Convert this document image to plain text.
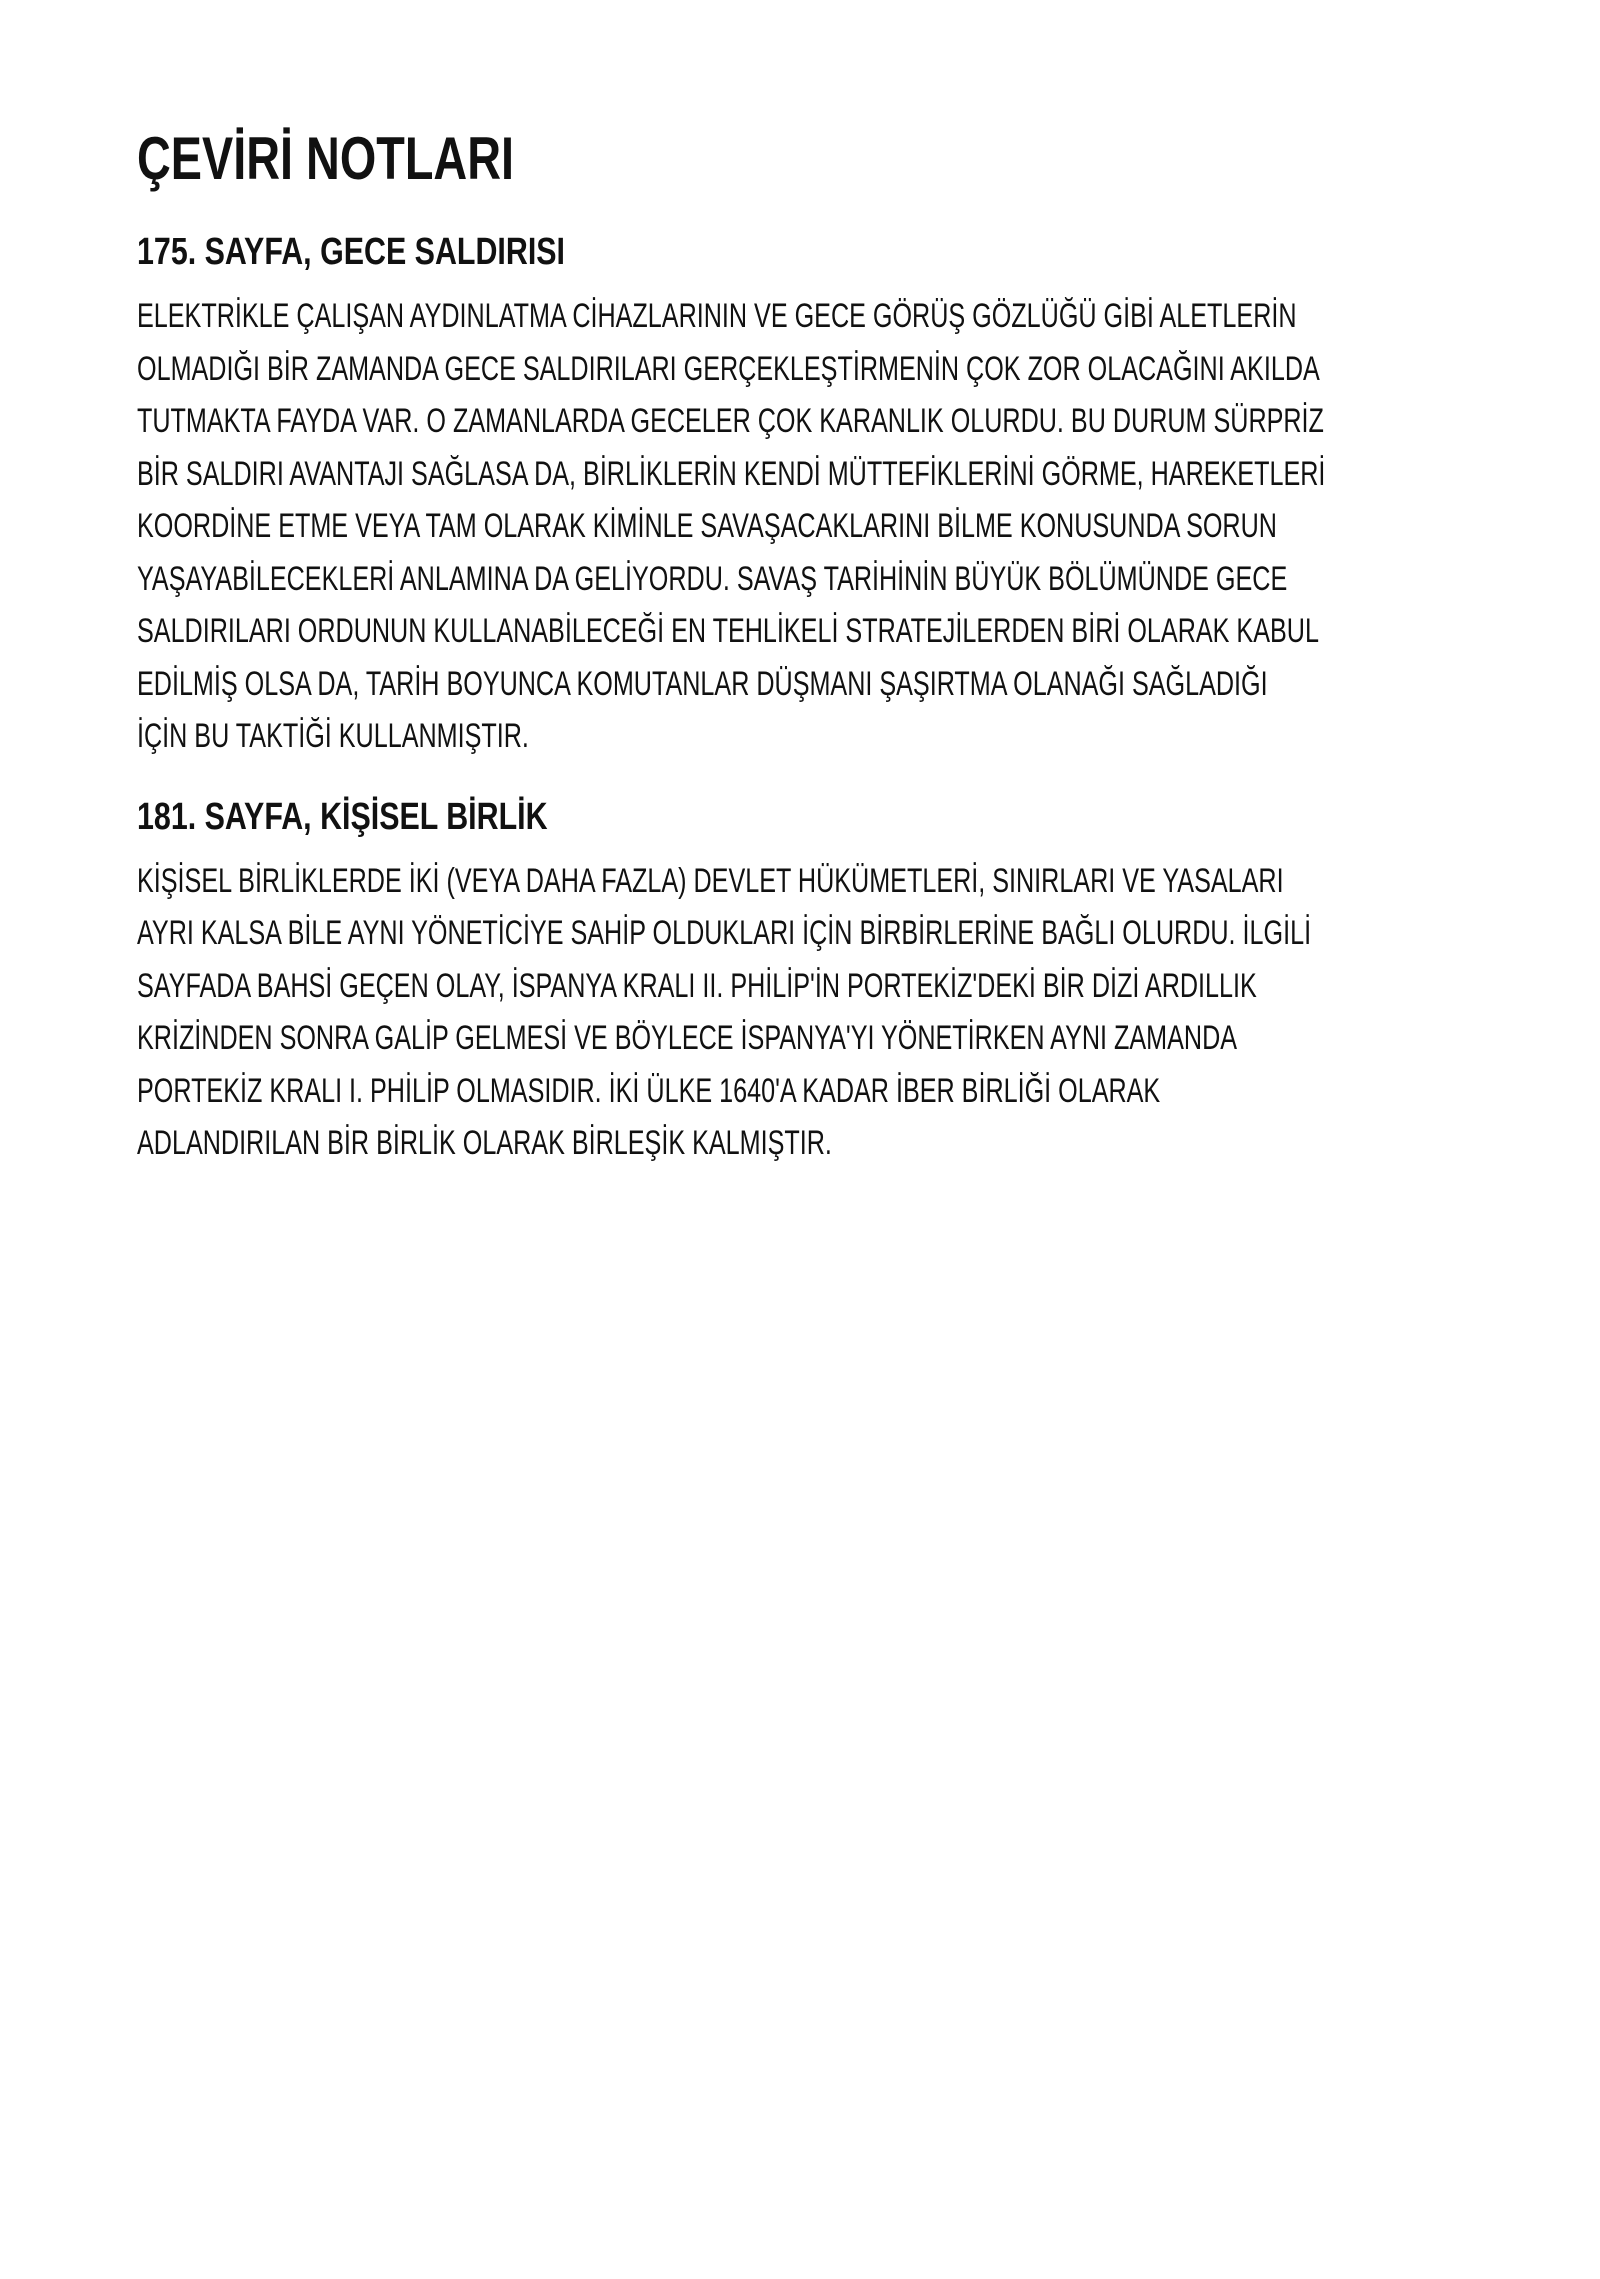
ÇEVİRİ NOTLARI
175. SAYFA, GECE SALDIRISI

ELEKTRİKLE ÇALIŞAN AYDINLATMA CİHAZLARININ VE GECE GÖRÜŞ GÖZLÜĞÜ GİBİ ALETLERİN
OLMADIĞI BİR ZAMANDA GECE SALDIRILARI GERÇEKLEŞTİRMENİN ÇOK ZOR OLACAĞINI AKILDA
TUTMAKTA FAYDA VAR. O ZAMANLARDA GECELER ÇOK KARANLIK OLURDU. BU DURUM SÜRPRİZ
BİR SALDIRI AVANTAJI SAĞLASA DA, BİRLİKLERİN KENDİ MÜTTEFİKLERİNİ GÖRME, HAREKETLERİ
KOORDİNE ETME VEYA TAM OLARAK KİMİNLE SAVAŞACAKLARINI BİLME KONUSUNDA SORUN
YAŞAYABİLECEKLERİ ANLAMINA DA GELİYORDU. SAVAŞ TARİHİNİN BÜYÜK BÖLÜMÜNDE GECE
SALDIRILARI ORDUNUN KULLANABİLECEĞİ EN TEHLİKELİ STRATEJİLERDEN BİRİ OLARAK KABUL
EDİLMİŞ OLSA DA, TARİH BOYUNCA KOMUTANLAR DÜŞMANI ŞAŞIRTMA OLANAĞI SAĞLADIĞI
İÇİN BU TAKTİĞİ KULLANMIŞTIR.

181. SAYFA, KİŞİSEL BİRLİK

KİŞİSEL BİRLİKLERDE İKİ (VEYA DAHA FAZLA) DEVLET HÜKÜMETLERİ, SINIRLARI VE YASALARI
AYRI KALSA BİLE AYNI YÖNETİCİYE SAHİP OLDUKLARI İÇİN BİRBİRLERİNE BAĞLI OLURDU. İLGİLİ
SAYFADA BAHSİ GEÇEN OLAY, İSPANYA KRALI II. PHİLİP'İN PORTEKİZ'DEKİ BİR DİZİ ARDILLIK
KRİZİNDEN SONRA GALİP GELMESİ VE BÖYLECE İSPANYA'YI YÖNETİRKEN AYNI ZAMANDA
PORTEKİZ KRALI I. PHİLİP OLMASIDIR. İKİ ÜLKE 1640'A KADAR İBER BİRLİĞİ OLARAK
ADLANDIRILAN BİR BİRLİK OLARAK BİRLEŞİK KALMIŞTIR.
